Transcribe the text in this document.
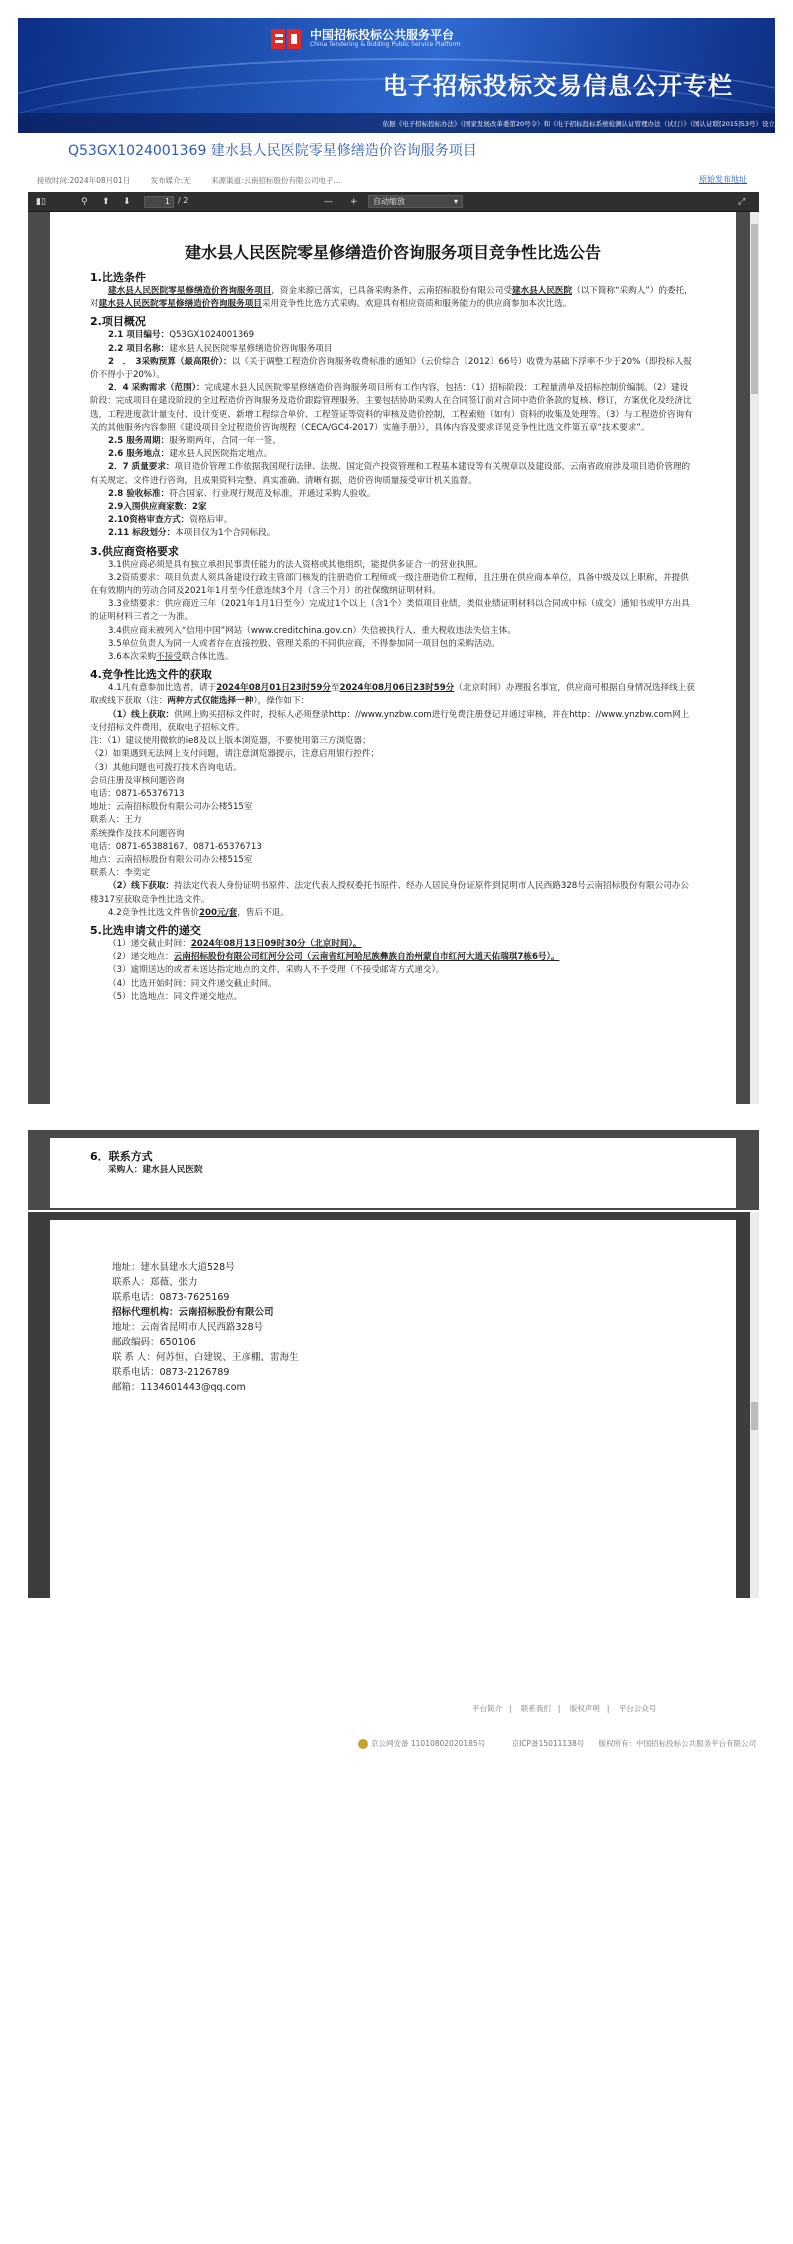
中国招标投标公共服务平台
China Tendering & Bidding Public Service Platform
电子招标投标交易信息公开专栏
依据《电子招标投标办法》（国家发展改革委第20号令）和《电子招标投标系统检测认证管理办法（试行）》（国认证联[2015]53号）设立
Q53GX1024001369 建水县人民医院零星修缮造价咨询服务项目
接收时间:2024年08月01日	发布媒介:无	来源渠道:云南招标股份有限公司电子...	原始发布地址
▮▯	⚲ ⬆ ⬇	1	/ 2	— +	自动缩放 ▾	⤢
建水县人民医院零星修缮造价咨询服务项目竞争性比选公告
1.比选条件
建水县人民医院零星修缮造价咨询服务项目，资金来源已落实，已具备采购条件，云南招标股份有限公司受建水县人民医院（以下简称“采购人”）的委托，对建水县人民医院零星修缮造价咨询服务项目采用竞争性比选方式采购。欢迎具有相应资质和服务能力的供应商参加本次比选。
2.项目概况
2.1 项目编号：Q53GX1024001369
2.2 项目名称：建水县人民医院零星修缮造价咨询服务项目
2　．　3采购预算（最高限价）：以《关于调整工程造价咨询服务收费标准的通知》（云价综合〔2012〕66号）收费为基础下浮率不少于20%（即投标人报价不得小于20%）。
2．4 采购需求（范围）：完成建水县人民医院零星修缮造价咨询服务项目所有工作内容，包括：（1）招标阶段：工程量清单及招标控制价编制。（2）建设阶段：完成项目在建设阶段的全过程造价咨询服务及造价跟踪管理服务。主要包括协助采购人在合同签订前对合同中造价条款的复核、修订，方案优化及经济比选，工程进度款计量支付、设计变更、新增工程综合单价、工程签证等资料的审核及造价控制，工程索赔（如有）资料的收集及处理等。（3）与工程造价咨询有关的其他服务内容参照《建设项目全过程造价咨询规程（CECA/GC4-2017）实施手册》），具体内容及要求详见竞争性比选文件第五章“技术要求”。
2.5 服务周期：服务期两年，合同一年一签。
2.6 服务地点：建水县人民医院指定地点。
2．7 质量要求：项目造价管理工作依据我国现行法律、法规、国定资产投资管理和工程基本建设等有关规章以及建设部、云南省政府涉及项目造价管理的有关规定、文件进行咨询，且成果资料完整、真实准确、清晰有据，造价咨询质量接受审计机关监督。
2.8 验收标准：符合国家、行业现行规范及标准，并通过采购人验收。
2.9入围供应商家数：2家
2.10资格审查方式：资格后审。
2.11 标段划分：本项目仅为1个合同标段。
3.供应商资格要求
3.1供应商必须是具有独立承担民事责任能力的法人资格或其他组织，能提供多证合一的营业执照。
3.2资质要求：项目负责人须具备建设行政主管部门核发的注册造价工程师或一级注册造价工程师，且注册在供应商本单位，具备中级及以上职称，并提供在有效期内的劳动合同及2021年1月至今任意连续3个月（含三个月）的社保缴纳证明材料。
3.3业绩要求：供应商近三年（2021年1月1日至今）完成过1个以上（含1个）类似项目业绩，类似业绩证明材料以合同或中标（成交）通知书或甲方出具的证明材料三者之一为准。
3.4供应商未被列入“信用中国”网站（www.creditchina.gov.cn）失信被执行人、重大税收违法失信主体。
3.5单位负责人为同一人或者存在直接控股、管理关系的不同供应商，不得参加同一项目包的采购活动。
3.6本次采购不接受联合体比选。
4.竞争性比选文件的获取
4.1凡有意参加比选者，请于2024年08月01日23时59分至2024年08月06日23时59分（北京时间）办理报名事宜，供应商可根据自身情况选择线上获取或线下获取（注：两种方式仅能选择一种），操作如下：
（1）线上获取：供网上购买招标文件时，投标人必须登录http：//www.ynzbw.com进行免费注册登记并通过审核，并在http：//www.ynzbw.com网上支付招标文件费用，获取电子招标文件。
注：（1）建议使用微软的ie8及以上版本浏览器，不要使用第三方浏览器；
（2）如果遇到无法网上支付问题，请注意浏览器提示，注意启用银行控件；
（3）其他问题也可拨打技术咨询电话。
会员注册及审核问题咨询
电话：0871-65376713
地址：云南招标股份有限公司办公楼515室
联系人：王力
系统操作及技术问题咨询
电话：0871-65388167、0871-65376713
地点：云南招标股份有限公司办公楼515室
联系人：李奕定
（2）线下获取：持法定代表人身份证明书原件、法定代表人授权委托书原件、经办人居民身份证原件到昆明市人民西路328号云南招标股份有限公司办公楼317室获取竞争性比选文件。
4.2竞争性比选文件售价200元/套，售后不退。
5.比选申请文件的递交
（1）递交截止时间：2024年08月13日09时30分（北京时间）。
（2）递交地点：云南招标股份有限公司红河分公司（云南省红河哈尼族彝族自治州蒙自市红河大道天佑瑞琪7栋6号）。
（3）逾期送达的或者未送达指定地点的文件，采购人不予受理（不接受邮寄方式递交）。
（4）比选开始时间：同文件递交截止时间。
（5）比选地点：同文件递交地点。
6．联系方式
采购人：建水县人民医院
地址：建水县建水大道528号
联系人：郑薇、张力
联系电话：0873-7625169
招标代理机构：云南招标股份有限公司
地址：云南省昆明市人民西路328号
邮政编码：650106
联 系 人：何苏恒、白建锐、王彦棚、雷海生
联系电话：0873-2126789
邮箱：1134601443@qq.com
平台简介 | 联系我们 | 版权声明 | 平台公众号
京公网安备 11010802020185号	京ICP备15011138号 版权所有：中国招标投标公共服务平台有限公司
